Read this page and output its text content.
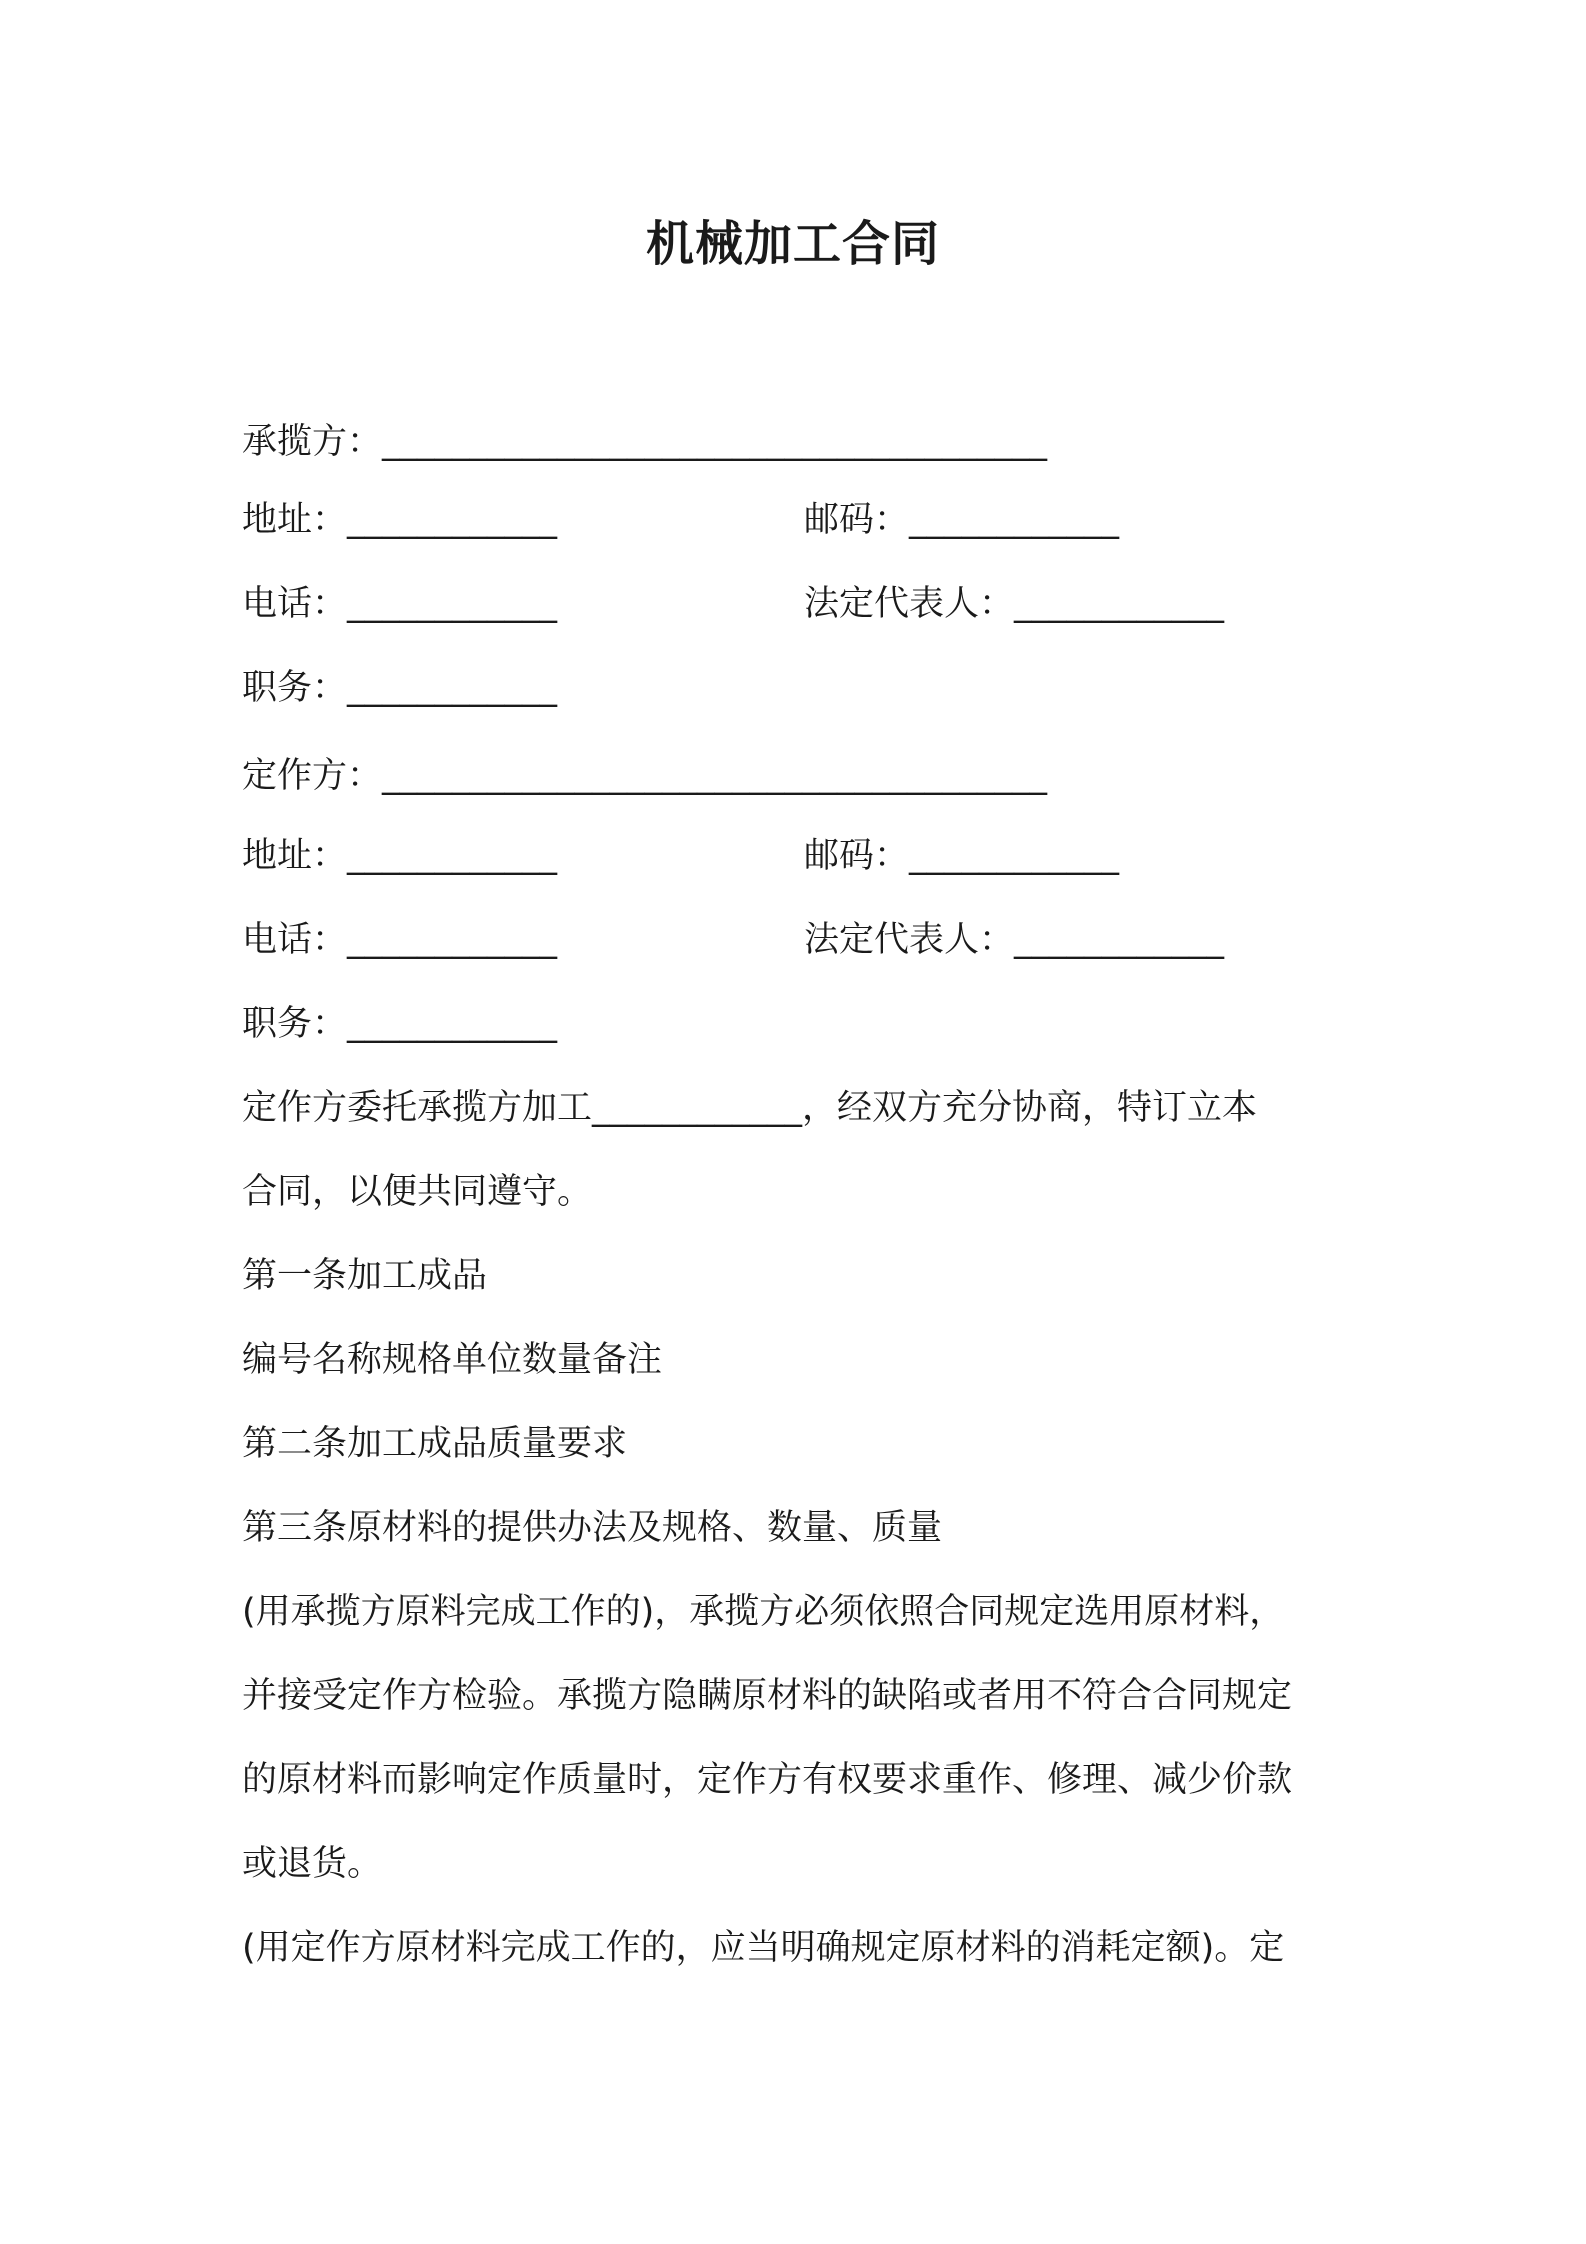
机械加工合同
承揽方：______________________________________
地址：____________	邮码：____________
电话：____________	法定代表人：____________
职务：____________
定作方：______________________________________
地址：____________	邮码：____________
电话：____________	法定代表人：____________
职务：____________
定作方委托承揽方加工____________，经双方充分协商，特订立本
合同，以便共同遵守。
第一条加工成品
编号名称规格单位数量备注
第二条加工成品质量要求
第三条原材料的提供办法及规格、数量、质量
(用承揽方原料完成工作的)，承揽方必须依照合同规定选用原材料，
并接受定作方检验。承揽方隐瞒原材料的缺陷或者用不符合合同规定
的原材料而影响定作质量时，定作方有权要求重作、修理、减少价款
或退货。
(用定作方原材料完成工作的，应当明确规定原材料的消耗定额)。定
